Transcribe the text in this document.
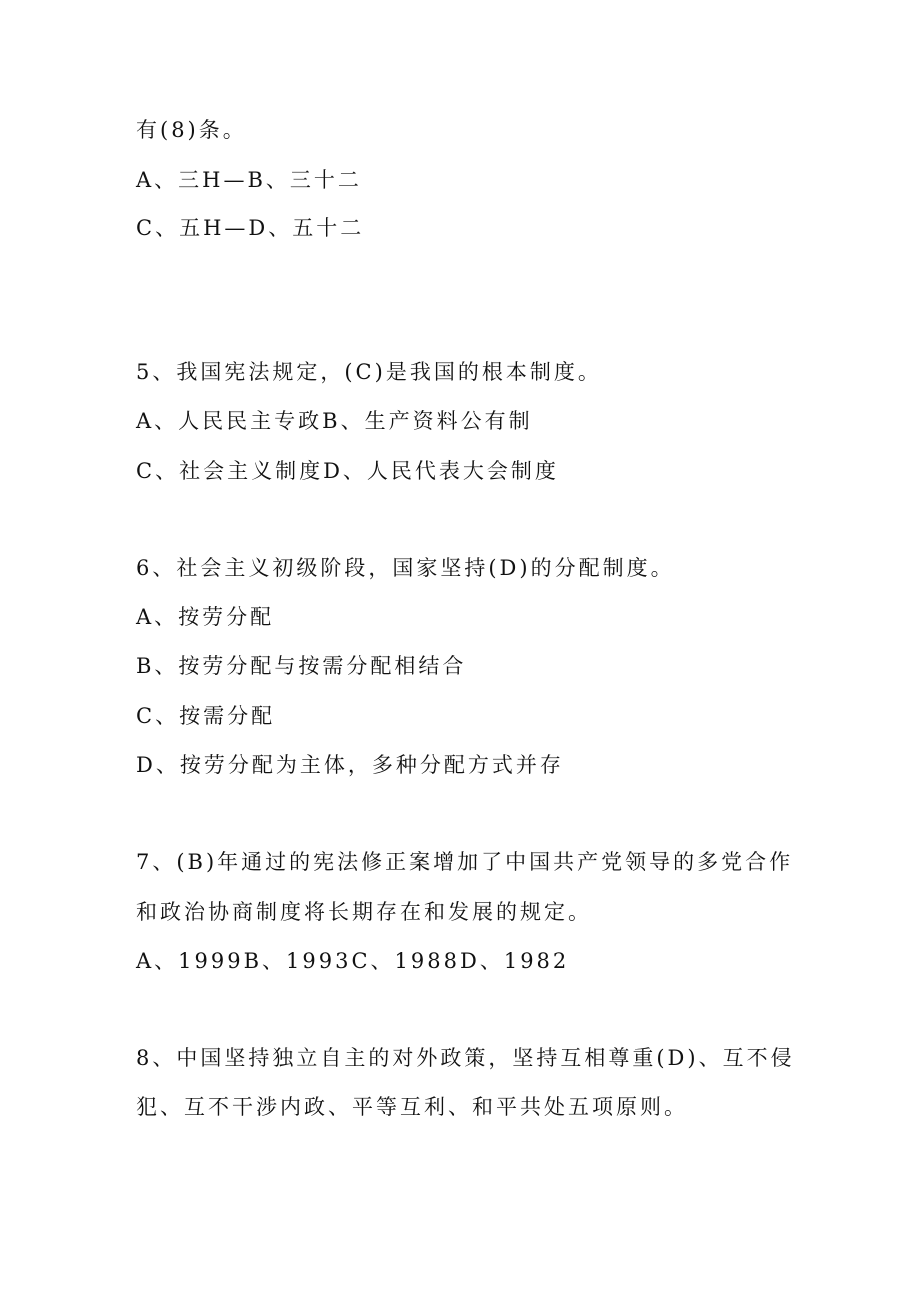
有(8)条。
A、三H—B、三十二
C、五H—D、五十二
5、我国宪法规定，(C)是我国的根本制度。
A、人民民主专政B、生产资料公有制
C、社会主义制度D、人民代表大会制度
6、社会主义初级阶段，国家坚持(D)的分配制度。
A、按劳分配
B、按劳分配与按需分配相结合
C、按需分配
D、按劳分配为主体，多种分配方式并存
7、(B)年通过的宪法修正案增加了中国共产党领导的多党合作
和政治协商制度将长期存在和发展的规定。
A、1999B、1993C、1988D、1982
8、中国坚持独立自主的对外政策，坚持互相尊重(D)、互不侵
犯、互不干涉内政、平等互利、和平共处五项原则。
